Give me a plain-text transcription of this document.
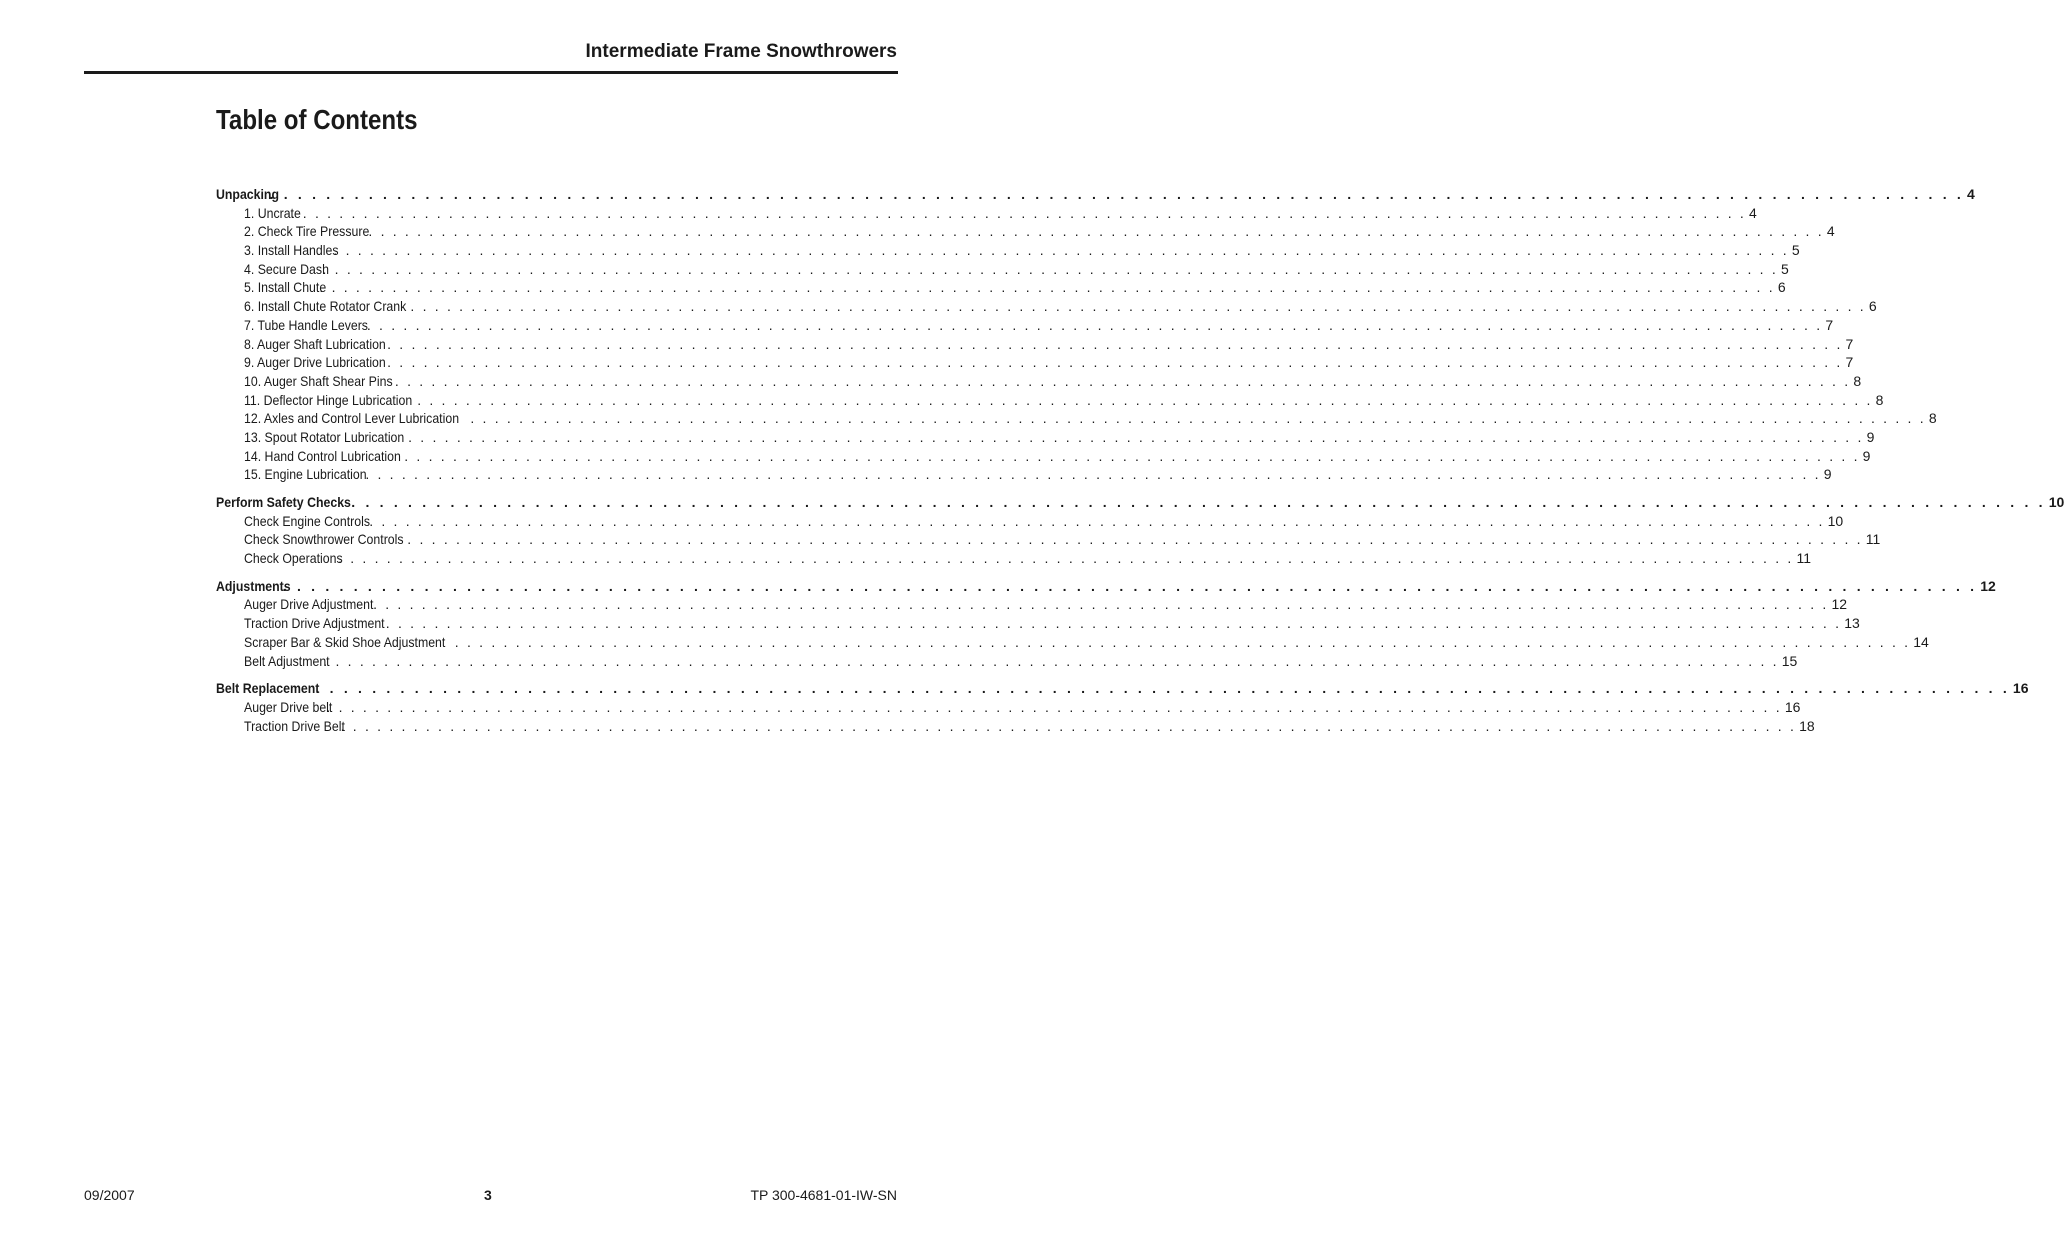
Intermediate Frame Snowthrowers
Table of Contents
Unpacking
. . . . . . . . . . . . . . . . . . . . . . . . . . . . . . . . . . . . . . . . . . . . . . . . . . . . . . . . . . . . . . . . . . . . . . . . . . . . . . . . . . . . . . . . . . . . . . . . . . . . . . . . . . . . . . . . . . . . . . . . 4
1. Uncrate
. . . . . . . . . . . . . . . . . . . . . . . . . . . . . . . . . . . . . . . . . . . . . . . . . . . . . . . . . . . . . . . . . . . . . . . . . . . . . . . . . . . . . . . . . . . . . . . . . . . . . . . . . . . . . . . . . . . . . . . . 4
2. Check Tire Pressure . . . . . . . . . . . . . . . . . . . . . . . . . . . . . . . . . . . . . . . . . . . . . . . . . . . . . . . . . . . . . . . . . . . . . . . . . . . . . . . . . . . . . . . . . . . . . . . . . . . . . . . . . . . . . . . . . . . . . . . . 4
3. Install Handles
. . . . . . . . . . . . . . . . . . . . . . . . . . . . . . . . . . . . . . . . . . . . . . . . . . . . . . . . . . . . . . . . . . . . . . . . . . . . . . . . . . . . . . . . . . . . . . . . . . . . . . . . . . . . . . . . . . . . . . . . 5
4. Secure Dash
. . . . . . . . . . . . . . . . . . . . . . . . . . . . . . . . . . . . . . . . . . . . . . . . . . . . . . . . . . . . . . . . . . . . . . . . . . . . . . . . . . . . . . . . . . . . . . . . . . . . . . . . . . . . . . . . . . . . . . . . 5
5. Install Chute
. . . . . . . . . . . . . . . . . . . . . . . . . . . . . . . . . . . . . . . . . . . . . . . . . . . . . . . . . . . . . . . . . . . . . . . . . . . . . . . . . . . . . . . . . . . . . . . . . . . . . . . . . . . . . . . . . . . . . . . . 6
6. Install Chute Rotator Crank . . . . . . . . . . . . . . . . . . . . . . . . . . . . . . . . . . . . . . . . . . . . . . . . . . . . . . . . . . . . . . . . . . . . . . . . . . . . . . . . . . . . . . . . . . . . . . . . . . . . . . . . . . . . . . . . . . . . . . . . 6
7. Tube Handle Levers
. . . . . . . . . . . . . . . . . . . . . . . . . . . . . . . . . . . . . . . . . . . . . . . . . . . . . . . . . . . . . . . . . . . . . . . . . . . . . . . . . . . . . . . . . . . . . . . . . . . . . . . . . . . . . . . . . . . . . . . . 7
8. Auger Shaft Lubrication . . . . . . . . . . . . . . . . . . . . . . . . . . . . . . . . . . . . . . . . . . . . . . . . . . . . . . . . . . . . . . . . . . . . . . . . . . . . . . . . . . . . . . . . . . . . . . . . . . . . . . . . . . . . . . . . . . . . . . . . 7
9. Auger Drive Lubrication . . . . . . . . . . . . . . . . . . . . . . . . . . . . . . . . . . . . . . . . . . . . . . . . . . . . . . . . . . . . . . . . . . . . . . . . . . . . . . . . . . . . . . . . . . . . . . . . . . . . . . . . . . . . . . . . . . . . . . . . 7
10. Auger Shaft Shear Pins . . . . . . . . . . . . . . . . . . . . . . . . . . . . . . . . . . . . . . . . . . . . . . . . . . . . . . . . . . . . . . . . . . . . . . . . . . . . . . . . . . . . . . . . . . . . . . . . . . . . . . . . . . . . . . . . . . . . . . . . 8
11. Deflector Hinge Lubrication . . . . . . . . . . . . . . . . . . . . . . . . . . . . . . . . . . . . . . . . . . . . . . . . . . . . . . . . . . . . . . . . . . . . . . . . . . . . . . . . . . . . . . . . . . . . . . . . . . . . . . . . . . . . . . . . . . . . . . . . 8
12. Axles and Control Lever Lubrication . . . . . . . . . . . . . . . . . . . . . . . . . . . . . . . . . . . . . . . . . . . . . . . . . . . . . . . . . . . . . . . . . . . . . . . . . . . . . . . . . . . . . . . . . . . . . . . . . . . . . . . . . . . . . . . . . . . . . . . . 8
13. Spout Rotator Lubrication . . . . . . . . . . . . . . . . . . . . . . . . . . . . . . . . . . . . . . . . . . . . . . . . . . . . . . . . . . . . . . . . . . . . . . . . . . . . . . . . . . . . . . . . . . . . . . . . . . . . . . . . . . . . . . . . . . . . . . . . 9
14. Hand Control Lubrication . . . . . . . . . . . . . . . . . . . . . . . . . . . . . . . . . . . . . . . . . . . . . . . . . . . . . . . . . . . . . . . . . . . . . . . . . . . . . . . . . . . . . . . . . . . . . . . . . . . . . . . . . . . . . . . . . . . . . . . . 9
15. Engine Lubrication
. . . . . . . . . . . . . . . . . . . . . . . . . . . . . . . . . . . . . . . . . . . . . . . . . . . . . . . . . . . . . . . . . . . . . . . . . . . . . . . . . . . . . . . . . . . . . . . . . . . . . . . . . . . . . . . . . . . . . . . . 9
Perform Safety Checks . . . . . . . . . . . . . . . . . . . . . . . . . . . . . . . . . . . . . . . . . . . . . . . . . . . . . . . . . . . . . . . . . . . . . . . . . . . . . . . . . . . . . . . . . . . . . . . . . . . . . . . . . . . . . . . . . . . . . . . . 10
Check Engine Controls . . . . . . . . . . . . . . . . . . . . . . . . . . . . . . . . . . . . . . . . . . . . . . . . . . . . . . . . . . . . . . . . . . . . . . . . . . . . . . . . . . . . . . . . . . . . . . . . . . . . . . . . . . . . . . . . . . . . . . . . 10
Check Snowthrower Controls . . . . . . . . . . . . . . . . . . . . . . . . . . . . . . . . . . . . . . . . . . . . . . . . . . . . . . . . . . . . . . . . . . . . . . . . . . . . . . . . . . . . . . . . . . . . . . . . . . . . . . . . . . . . . . . . . . . . . . . . 11
Check Operations
. . . . . . . . . . . . . . . . . . . . . . . . . . . . . . . . . . . . . . . . . . . . . . . . . . . . . . . . . . . . . . . . . . . . . . . . . . . . . . . . . . . . . . . . . . . . . . . . . . . . . . . . . . . . . . . . . . . . . . . . 11
Adjustments
. . . . . . . . . . . . . . . . . . . . . . . . . . . . . . . . . . . . . . . . . . . . . . . . . . . . . . . . . . . . . . . . . . . . . . . . . . . . . . . . . . . . . . . . . . . . . . . . . . . . . . . . . . . . . . . . . . . . . . . . 12
Auger Drive Adjustment . . . . . . . . . . . . . . . . . . . . . . . . . . . . . . . . . . . . . . . . . . . . . . . . . . . . . . . . . . . . . . . . . . . . . . . . . . . . . . . . . . . . . . . . . . . . . . . . . . . . . . . . . . . . . . . . . . . . . . . . 12
Traction Drive Adjustment . . . . . . . . . . . . . . . . . . . . . . . . . . . . . . . . . . . . . . . . . . . . . . . . . . . . . . . . . . . . . . . . . . . . . . . . . . . . . . . . . . . . . . . . . . . . . . . . . . . . . . . . . . . . . . . . . . . . . . . . 13
Scraper Bar & Skid Shoe Adjustment . . . . . . . . . . . . . . . . . . . . . . . . . . . . . . . . . . . . . . . . . . . . . . . . . . . . . . . . . . . . . . . . . . . . . . . . . . . . . . . . . . . . . . . . . . . . . . . . . . . . . . . . . . . . . . . . . . . . . . . . 14
Belt Adjustment
. . . . . . . . . . . . . . . . . . . . . . . . . . . . . . . . . . . . . . . . . . . . . . . . . . . . . . . . . . . . . . . . . . . . . . . . . . . . . . . . . . . . . . . . . . . . . . . . . . . . . . . . . . . . . . . . . . . . . . . . 15
Belt Replacement
. . . . . . . . . . . . . . . . . . . . . . . . . . . . . . . . . . . . . . . . . . . . . . . . . . . . . . . . . . . . . . . . . . . . . . . . . . . . . . . . . . . . . . . . . . . . . . . . . . . . . . . . . . . . . . . . . . . . . . . . 16
Auger Drive belt
. . . . . . . . . . . . . . . . . . . . . . . . . . . . . . . . . . . . . . . . . . . . . . . . . . . . . . . . . . . . . . . . . . . . . . . . . . . . . . . . . . . . . . . . . . . . . . . . . . . . . . . . . . . . . . . . . . . . . . . . 16
Traction Drive Belt
. . . . . . . . . . . . . . . . . . . . . . . . . . . . . . . . . . . . . . . . . . . . . . . . . . . . . . . . . . . . . . . . . . . . . . . . . . . . . . . . . . . . . . . . . . . . . . . . . . . . . . . . . . . . . . . . . . . . . . . . 18
09/2007	3	TP 300-4681-01-IW-SN
